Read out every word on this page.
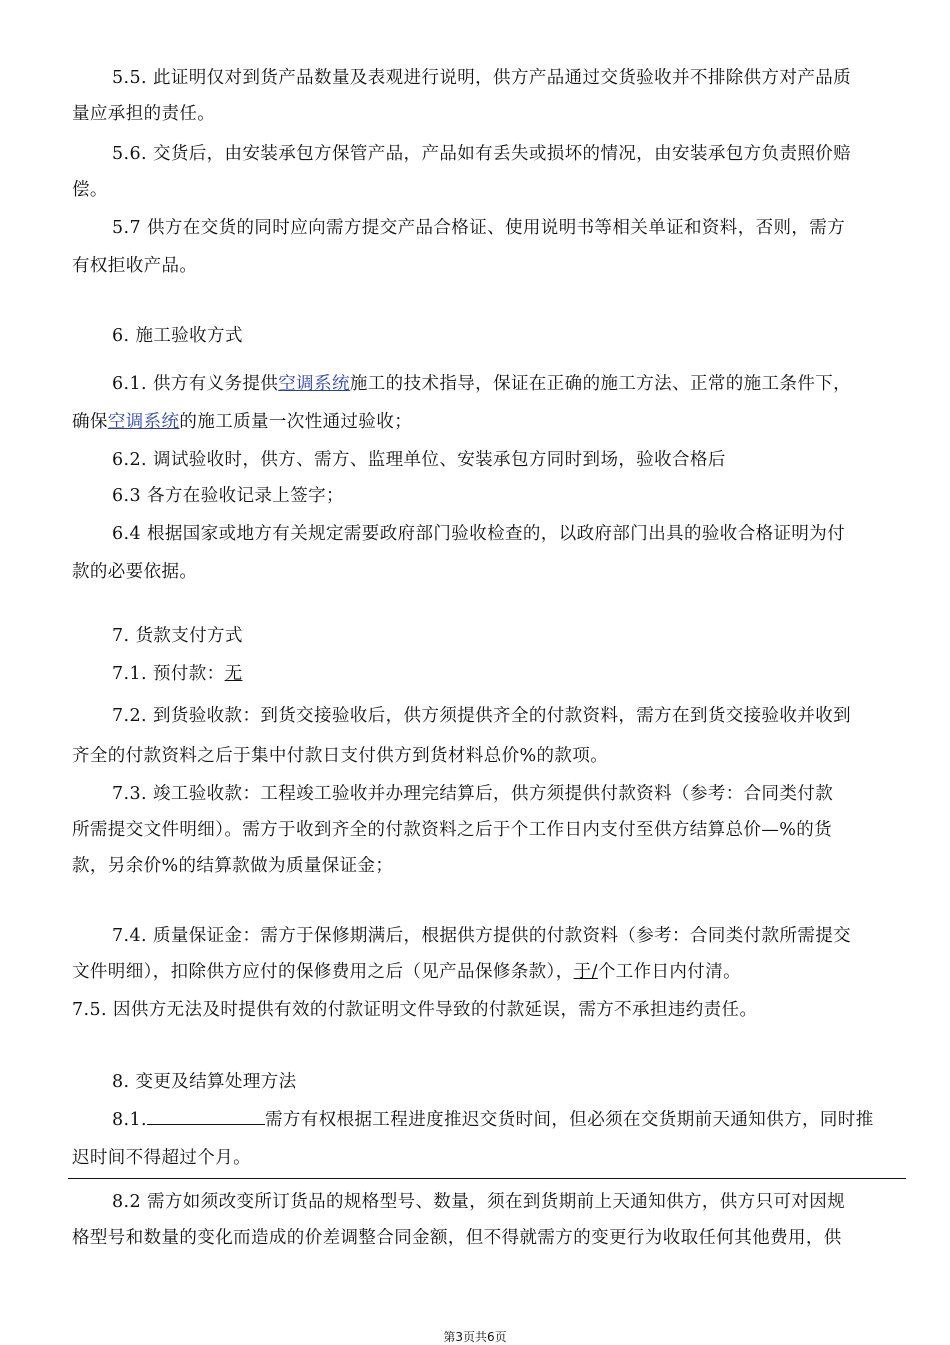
5.5. 此证明仅对到货产品数量及表观进行说明，供方产品通过交货验收并不排除供方对产品质
量应承担的责任。
5.6. 交货后，由安装承包方保管产品，产品如有丢失或损坏的情况，由安装承包方负责照价赔
偿。
5.7 供方在交货的同时应向需方提交产品合格证、使用说明书等相关单证和资料，否则，需方
有权拒收产品。
6. 施工验收方式
6.1. 供方有义务提供空调系统施工的技术指导，保证在正确的施工方法、正常的施工条件下，
确保空调系统的施工质量一次性通过验收；
6.2. 调试验收时，供方、需方、监理单位、安装承包方同时到场，验收合格后
6.3 各方在验收记录上签字；
6.4 根据国家或地方有关规定需要政府部门验收检查的，以政府部门出具的验收合格证明为付
款的必要依据。
7. 货款支付方式
7.1. 预付款：无
7.2. 到货验收款：到货交接验收后，供方须提供齐全的付款资料，需方在到货交接验收并收到
齐全的付款资料之后于集中付款日支付供方到货材料总价%的款项。
7.3. 竣工验收款：工程竣工验收并办理完结算后，供方须提供付款资料（参考：合同类付款
所需提交文件明细）。需方于收到齐全的付款资料之后于个工作日内支付至供方结算总价—%的货
款，另余价%的结算款做为质量保证金；
7.4. 质量保证金：需方于保修期满后，根据供方提供的付款资料（参考：合同类付款所需提交
文件明细），扣除供方应付的保修费用之后（见产品保修条款），于/个工作日内付清。
7.5. 因供方无法及时提供有效的付款证明文件导致的付款延误，需方不承担违约责任。
8. 变更及结算处理方法
8.1.	需方有权根据工程进度推迟交货时间，但必须在交货期前天通知供方，同时推
迟时间不得超过个月。
8.2 需方如须改变所订货品的规格型号、数量，须在到货期前上天通知供方，供方只可对因规
格型号和数量的变化而造成的价差调整合同金额，但不得就需方的变更行为收取任何其他费用，供
第3页共6页
